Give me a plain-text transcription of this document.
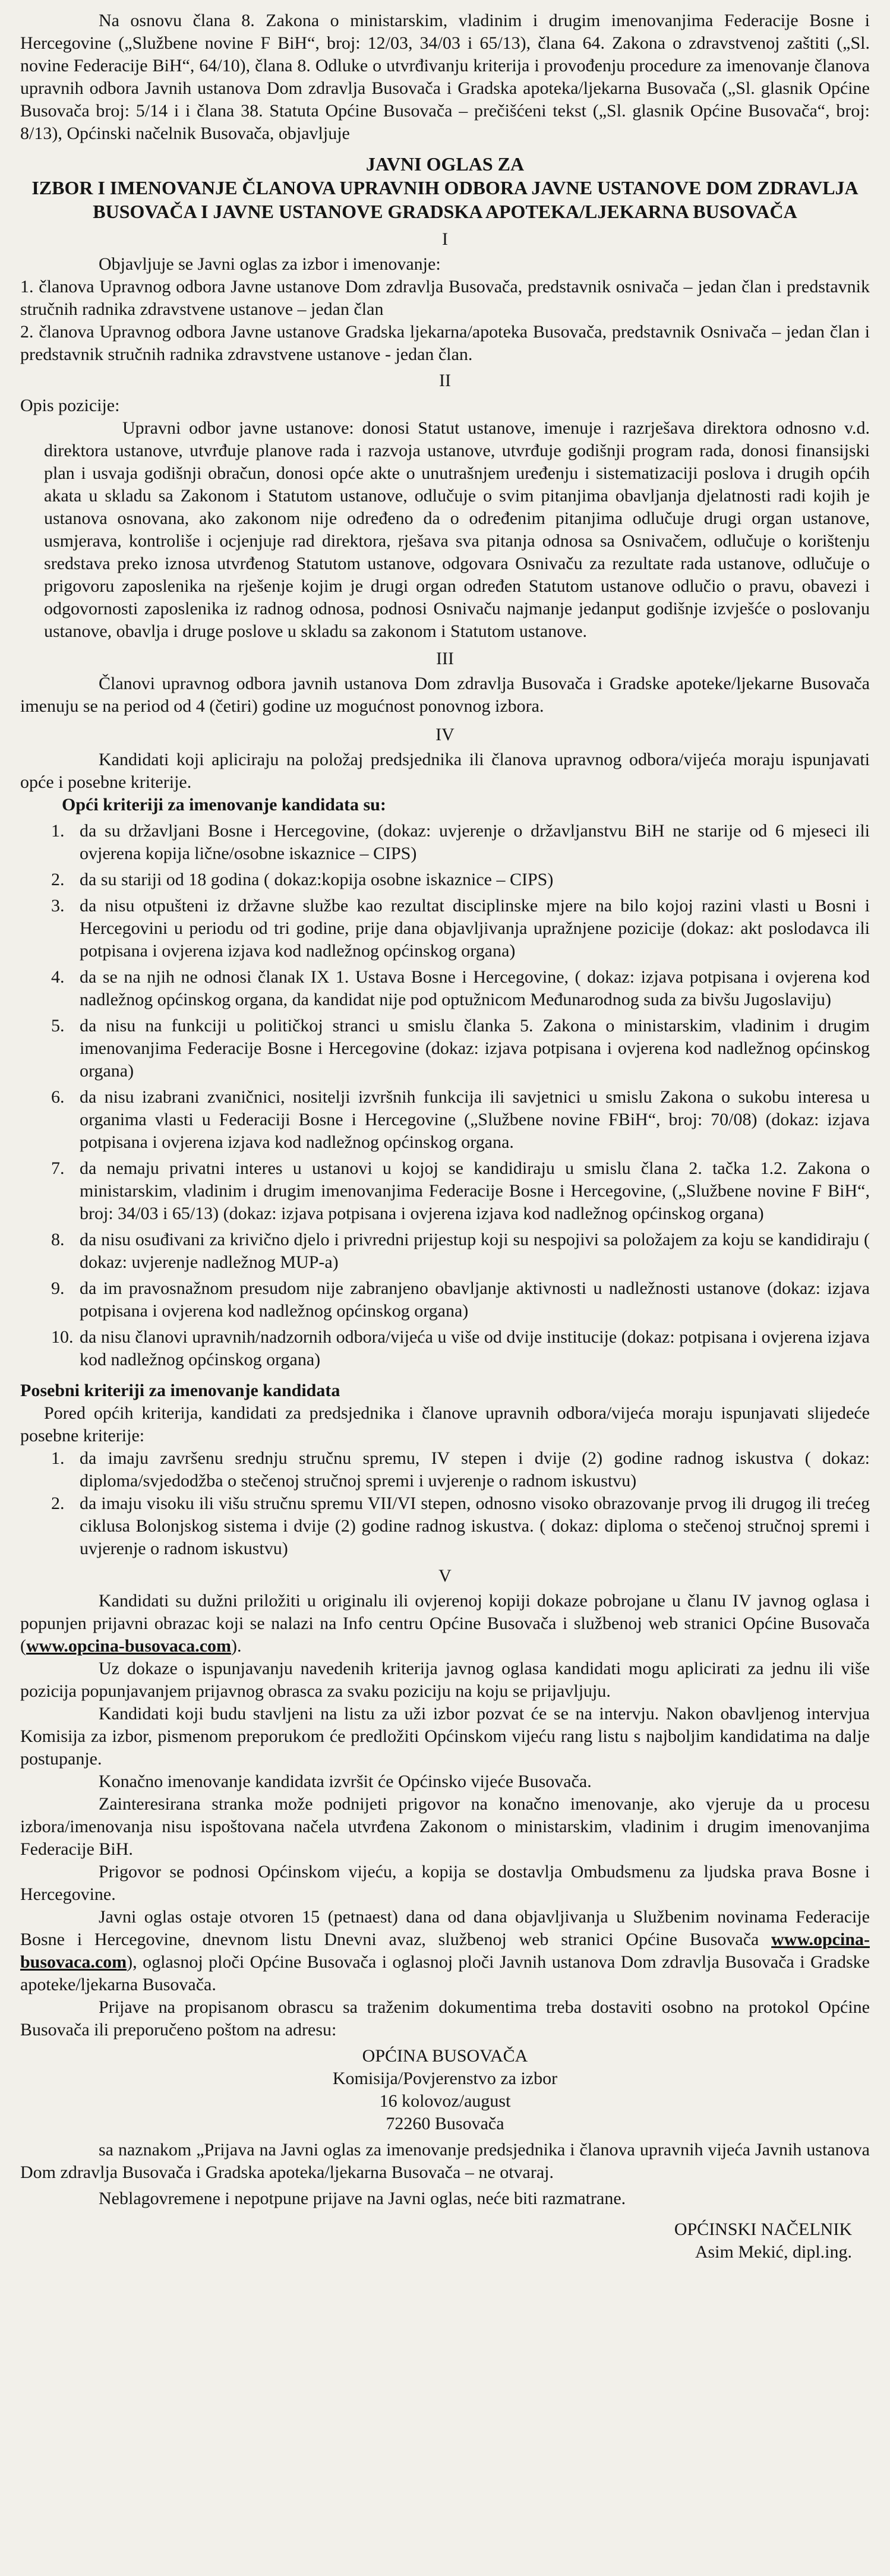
Na osnovu člana 8. Zakona o ministarskim, vladinim i drugim imenovanjima Federacije Bosne i Hercegovine („Službene novine F BiH“, broj: 12/03, 34/03 i 65/13), člana 64. Zakona o zdravstvenoj zaštiti („Sl. novine Federacije BiH“, 64/10), člana 8. Odluke o utvrđivanju kriterija i provođenju procedure za imenovanje članova upravnih odbora Javnih ustanova Dom zdravlja Busovača i Gradska apoteka/ljekarna Busovača („Sl. glasnik Općine Busovača broj: 5/14 i i člana 38. Statuta Općine Busovača – prečišćeni tekst („Sl. glasnik Općine Busovača“, broj: 8/13), Općinski načelnik Busovača, objavljuje

JAVNI OGLAS ZA
IZBOR I IMENOVANJE ČLANOVA UPRAVNIH ODBORA JAVNE USTANOVE DOM ZDRAVLJA BUSOVAČA I JAVNE USTANOVE GRADSKA APOTEKA/LJEKARNA BUSOVAČA
I

Objavljuje se Javni oglas za izbor i imenovanje:

1. članova Upravnog odbora Javne ustanove Dom zdravlja Busovača, predstavnik osnivača – jedan član i predstavnik stručnih radnika zdravstvene ustanove – jedan član

2. članova Upravnog odbora Javne ustanove Gradska ljekarna/apoteka Busovača, predstavnik Osnivača – jedan član i predstavnik stručnih radnika zdravstvene ustanove - jedan član.

II

Opis pozicije:

Upravni odbor javne ustanove: donosi Statut ustanove, imenuje i razrješava direktora odnosno v.d. direktora ustanove, utvrđuje planove rada i razvoja ustanove, utvrđuje godišnji program rada, donosi finansijski plan i usvaja godišnji obračun, donosi opće akte o unutrašnjem uređenju i sistematizaciji poslova i drugih općih akata u skladu sa Zakonom i Statutom ustanove, odlučuje o svim pitanjima obavljanja djelatnosti radi kojih je ustanova osnovana, ako zakonom nije određeno da o određenim pitanjima odlučuje drugi organ ustanove, usmjerava, kontroliše i ocjenjuje rad direktora, rješava sva pitanja odnosa sa Osnivačem, odlučuje o korištenju sredstava preko iznosa utvrđenog Statutom ustanove, odgovara Osnivaču za rezultate rada ustanove, odlučuje o prigovoru zaposlenika na rješenje kojim je drugi organ određen Statutom ustanove odlučio o pravu, obavezi i odgovornosti zaposlenika iz radnog odnosa, podnosi Osnivaču najmanje jedanput godišnje izvješće o poslovanju ustanove, obavlja i druge poslove u skladu sa zakonom i Statutom ustanove.

III

Članovi upravnog odbora javnih ustanova Dom zdravlja Busovača i Gradske apoteke/ljekarne Busovača imenuju se na period od 4 (četiri) godine uz mogućnost ponovnog izbora.

IV

Kandidati koji apliciraju na položaj predsjednika ili članova upravnog odbora/vijeća moraju ispunjavati opće i posebne kriterije.

Opći kriteriji za imenovanje kandidata su:

1. da su državljani Bosne i Hercegovine, (dokaz: uvjerenje o državljanstvu BiH ne starije od 6 mjeseci ili ovjerena kopija lične/osobne iskaznice – CIPS)
2. da su stariji od 18 godina ( dokaz:kopija osobne iskaznice – CIPS)
3. da nisu otpušteni iz državne službe kao rezultat disciplinske mjere na bilo kojoj razini vlasti u Bosni i Hercegovini u periodu od tri godine, prije dana objavljivanja upražnjene pozicije (dokaz: akt poslodavca ili potpisana i ovjerena izjava kod nadležnog općinskog organa)
4. da se na njih ne odnosi članak IX 1. Ustava Bosne i Hercegovine, ( dokaz: izjava potpisana i ovjerena kod nadležnog općinskog organa, da kandidat nije pod optužnicom Međunarodnog suda za bivšu Jugoslaviju)
5. da nisu na funkciji u političkoj stranci u smislu članka 5. Zakona o ministarskim, vladinim i drugim imenovanjima Federacije Bosne i Hercegovine (dokaz: izjava potpisana i ovjerena kod nadležnog općinskog organa)
6. da nisu izabrani zvaničnici, nositelji izvršnih funkcija ili savjetnici u smislu Zakona o sukobu interesa u organima vlasti u Federaciji Bosne i Hercegovine („Službene novine FBiH“, broj: 70/08) (dokaz: izjava potpisana i ovjerena izjava kod nadležnog općinskog organa.
7. da nemaju privatni interes u ustanovi u kojoj se kandidiraju u smislu člana 2. tačka 1.2. Zakona o ministarskim, vladinim i drugim imenovanjima Federacije Bosne i Hercegovine, („Službene novine F BiH“, broj: 34/03 i 65/13) (dokaz: izjava potpisana i ovjerena izjava kod nadležnog općinskog organa)
8. da nisu osuđivani za krivično djelo i privredni prijestup koji su nespojivi sa položajem za koju se kandidiraju ( dokaz: uvjerenje nadležnog MUP-a)
9. da im pravosnažnom presudom nije zabranjeno obavljanje aktivnosti u nadležnosti ustanove (dokaz: izjava potpisana i ovjerena kod nadležnog općinskog organa)
10. da nisu članovi upravnih/nadzornih odbora/vijeća u više od dvije institucije (dokaz: potpisana i ovjerena izjava kod nadležnog općinskog organa)

Posebni kriteriji za imenovanje kandidata

Pored općih kriterija, kandidati za predsjednika i članove upravnih odbora/vijeća moraju ispunjavati slijedeće posebne kriterije:

1. da imaju završenu srednju stručnu spremu, IV stepen i dvije (2) godine radnog iskustva ( dokaz: diploma/svjedodžba o stečenoj stručnoj spremi i uvjerenje o radnom iskustvu)
2. da imaju visoku ili višu stručnu spremu VII/VI stepen, odnosno visoko obrazovanje prvog ili drugog ili trećeg ciklusa Bolonjskog sistema i dvije (2) godine radnog iskustva. ( dokaz: diploma o stečenoj stručnoj spremi i uvjerenje o radnom iskustvu)
V

Kandidati su dužni priložiti u originalu ili ovjerenoj kopiji dokaze pobrojane u članu IV javnog oglasa i popunjen prijavni obrazac koji se nalazi na Info centru Općine Busovača i službenoj web stranici Općine Busovača (www.opcina-busovaca.com).

Uz dokaze o ispunjavanju navedenih kriterija javnog oglasa kandidati mogu aplicirati za jednu ili više pozicija popunjavanjem prijavnog obrasca za svaku poziciju na koju se prijavljuju.

Kandidati koji budu stavljeni na listu za uži izbor pozvat će se na intervju. Nakon obavljenog intervjua Komisija za izbor, pismenom preporukom će predložiti Općinskom vijeću rang listu s najboljim kandidatima na dalje postupanje.

Konačno imenovanje kandidata izvršit će Općinsko vijeće Busovača.

Zainteresirana stranka može podnijeti prigovor na konačno imenovanje, ako vjeruje da u procesu izbora/imenovanja nisu ispoštovana načela utvrđena Zakonom o ministarskim, vladinim i drugim imenovanjima Federacije BiH.

Prigovor se podnosi Općinskom vijeću, a kopija se dostavlja Ombudsmenu za ljudska prava Bosne i Hercegovine.

Javni oglas ostaje otvoren 15 (petnaest) dana od dana objavljivanja u Službenim novinama Federacije Bosne i Hercegovine, dnevnom listu Dnevni avaz, službenoj web stranici Općine Busovača www.opcina-busovaca.com), oglasnoj ploči Općine Busovača i oglasnoj ploči Javnih ustanova Dom zdravlja Busovača i Gradske apoteke/ljekarna Busovača.

Prijave na propisanom obrascu sa traženim dokumentima treba dostaviti osobno na protokol Općine Busovača ili preporučeno poštom na adresu:

OPĆINA BUSOVAČA
Komisija/Povjerenstvo za izbor
16 kolovoz/august
72260 Busovača

sa naznakom „Prijava na Javni oglas za imenovanje predsjednika i članova upravnih vijeća Javnih ustanova Dom zdravlja Busovača i Gradska apoteka/ljekarna Busovača – ne otvaraj.

Neblagovremene i nepotpune prijave na Javni oglas, neće biti razmatrane.

OPĆINSKI NAČELNIK
Asim Mekić, dipl.ing.
